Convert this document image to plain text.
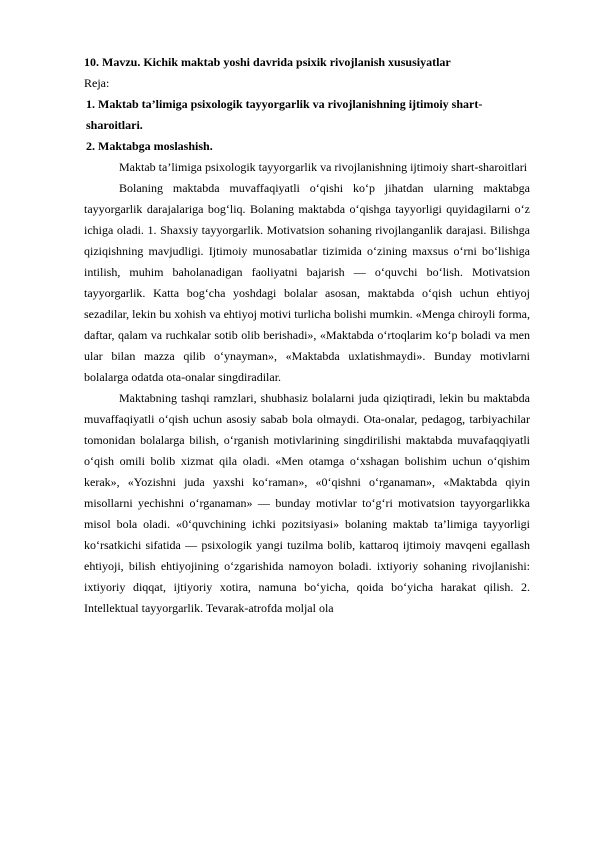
10. Mavzu. Kichik maktab yoshi davrida psixik rivojlanish xususiyatlar

Reja:

1. Maktab ta’limiga psixologik tayyorgarlik va rivojlanishning ijtimoiy shart-sharoitlari.

2. Maktabga moslashish.

Maktab ta’limiga psixologik tayyorgarlik va rivojlanishning ijtimoiy shart-sharoitlari

Bolaning maktabda muvaffaqiyatli o‘qishi ko‘p jihatdan ularning maktabga tayyorgarlik darajalariga bog‘liq. Bolaning maktabda o‘qishga tayyorligi quyidagilarni o‘z ichiga oladi. 1. Shaxsiy tayyorgarlik. Motivatsion sohaning rivojlanganlik darajasi. Bilishga qiziqishning mavjudligi. Ijtimoiy munosabatlar tizimida o‘zining maxsus o‘rni bo‘lishiga intilish, muhim baholanadigan faoliyatni bajarish — o‘quvchi bo‘lish. Motivatsion tayyorgarlik. Katta bog‘cha yoshdagi bolalar asosan, maktabda o‘qish uchun ehtiyoj sezadilar, lekin bu xohish va ehtiyoj motivi turlicha bolishi mumkin. «Menga chiroyli forma, daftar, qalam va ruchkalar sotib olib berishadi», «Maktabda o‘rtoqlarim ko‘p boladi va men ular bilan mazza qilib o‘ynayman», «Maktabda uxlatishmaydi». Bunday motivlarni bolalarga odatda ota-onalar singdiradilar.

Maktabning tashqi ramzlari, shubhasiz bolalarni juda qiziqtiradi, lekin bu maktabda muvaffaqiyatli o‘qish uchun asosiy sabab bola olmaydi. Ota-onalar, pedagog, tarbiyachilar tomonidan bolalarga bilish, o‘rganish motivlarining singdirilishi maktabda muvafaqqiyatli o‘qish omili bolib xizmat qila oladi. «Men otamga o‘xshagan bolishim uchun o‘qishim kerak», «Yozishni juda yaxshi ko‘raman», «0‘qishni o‘rganaman», «Maktabda qiyin misollarni yechishni o‘rganaman» — bunday motivlar to‘g‘ri motivatsion tayyorgarlikka misol bola oladi. «0‘quvchining ichki pozitsiyasi» bolaning maktab ta’limiga tayyorligi ko‘rsatkichi sifatida — psixologik yangi tuzilma bolib, kattaroq ijtimoiy mavqeni egallash ehtiyoji, bilish ehtiyojining o‘zgarishida namoyon boladi. ixtiyoriy sohaning rivojlanishi: ixtiyoriy diqqat, ijtiyoriy xotira, namuna bo‘yicha, qoida bo‘yicha harakat qilish. 2. Intellektual tayyorgarlik. Tevarak-atrofda moljal ola
